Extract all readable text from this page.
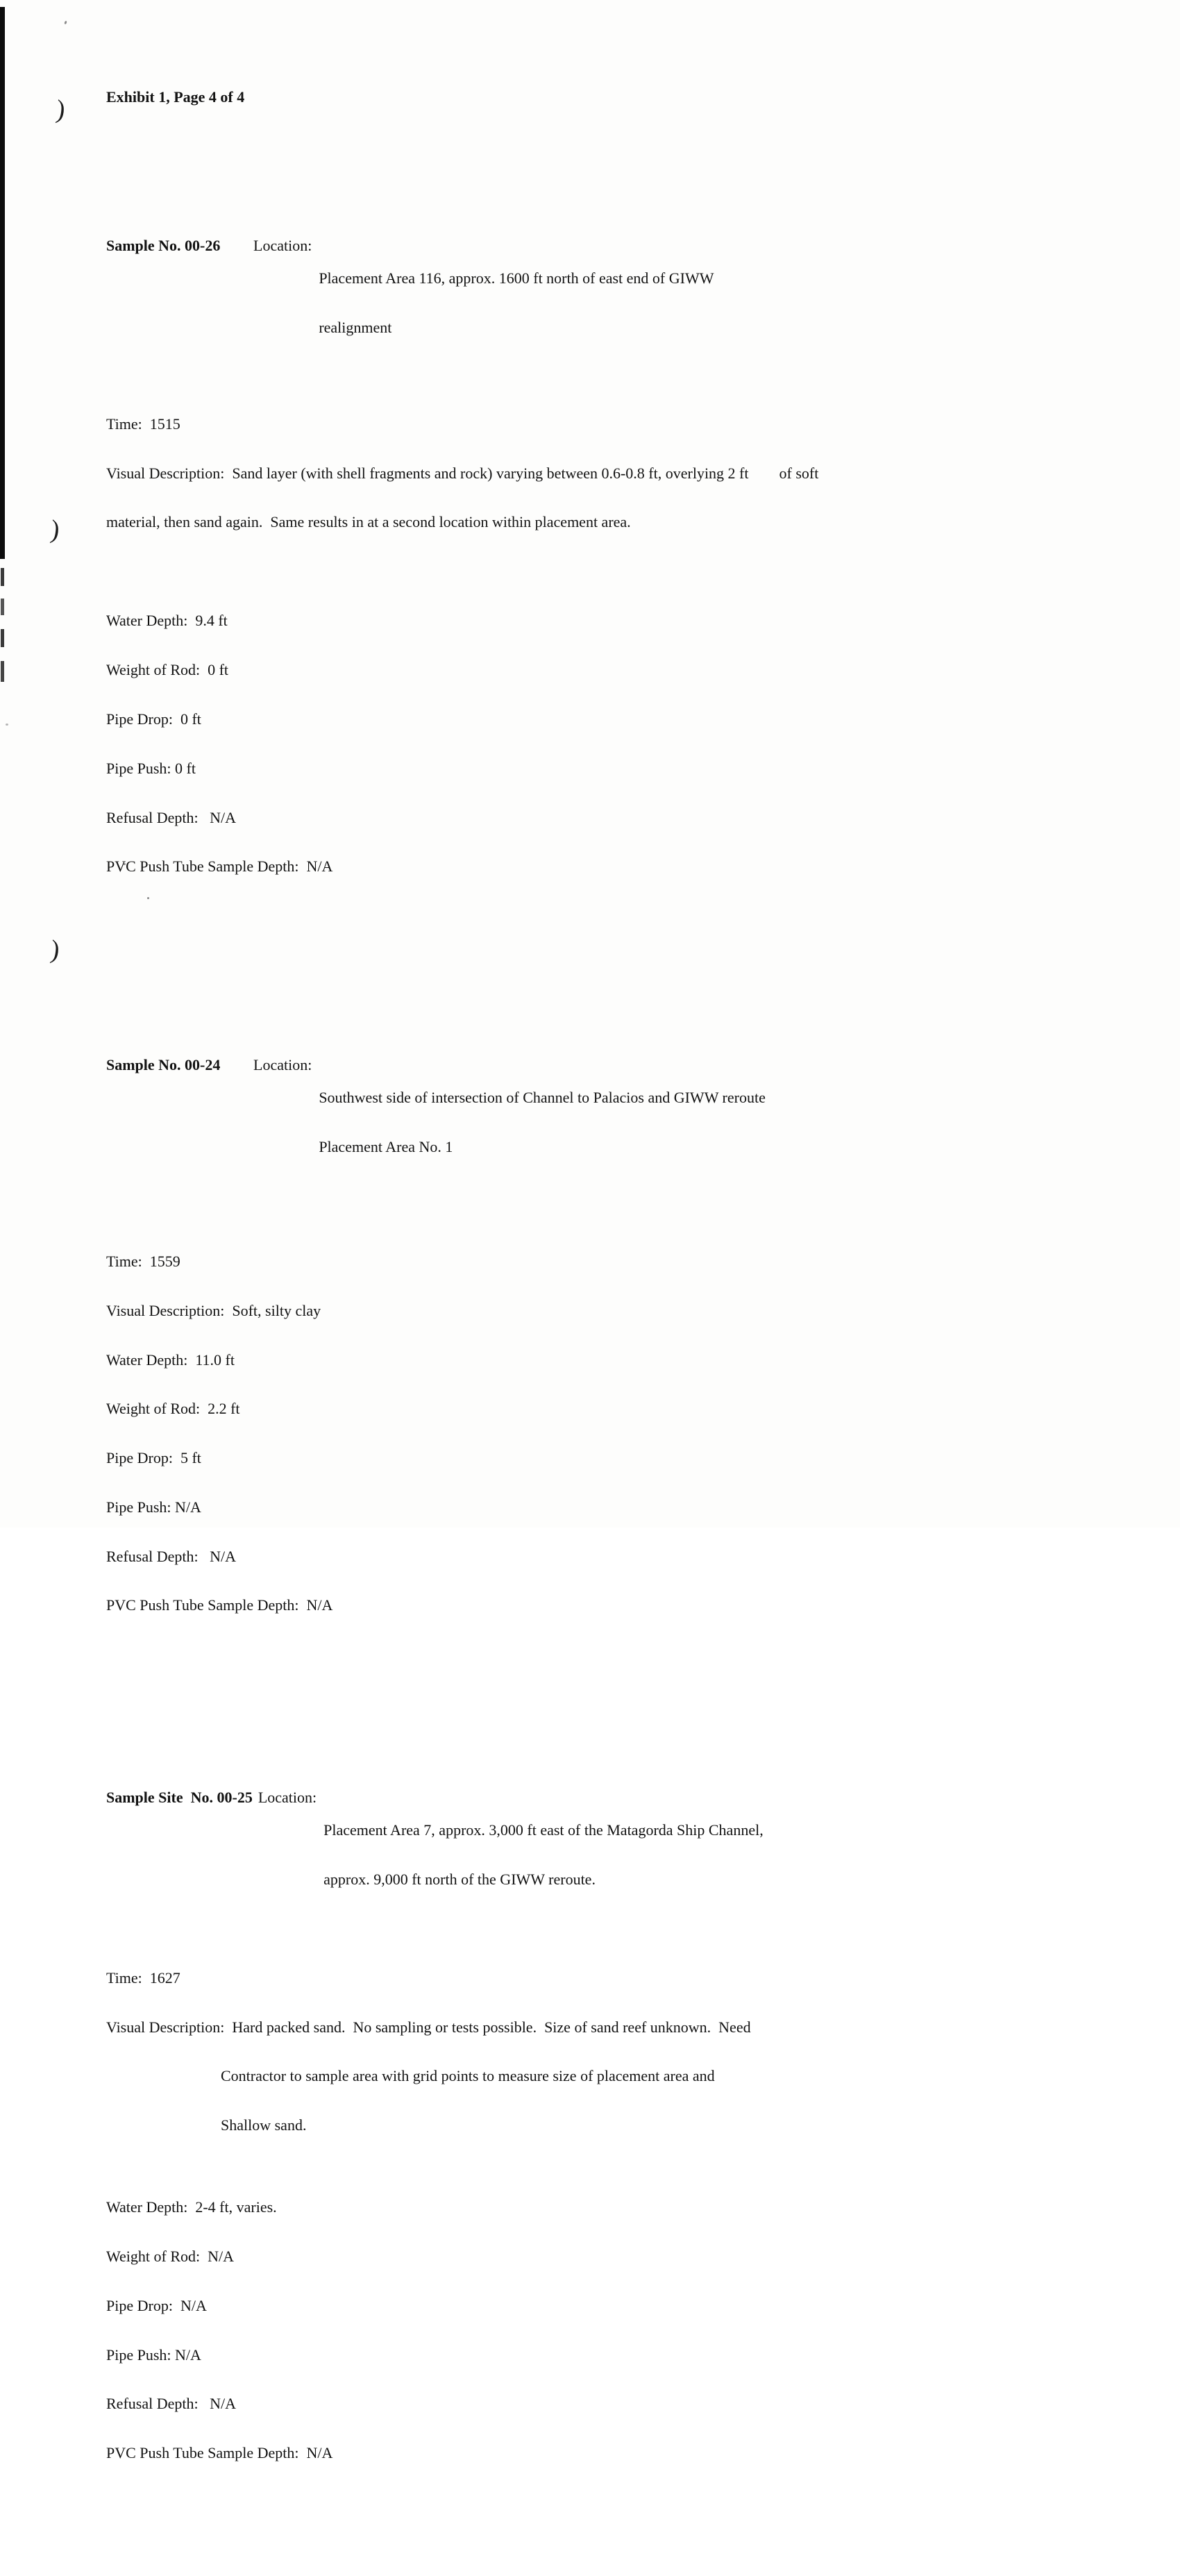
)
)
)

Exhibit 1, Page 4 of 4

Sample No. 00-26	Location:

Placement Area 116, approx. 1600 ft north of east end of GIWW

realignment

Time:  1515

Visual Description:  Sand layer (with shell fragments and rock) varying between 0.6-0.8 ft, overlying 2 ft        of soft

material, then sand again.  Same results in at a second location within placement area.

Water Depth:  9.4 ft

Weight of Rod:  0 ft

Pipe Drop:  0 ft

Pipe Push: 0 ft

Refusal Depth:   N/A

PVC Push Tube Sample Depth:  N/A

Sample No. 00-24	Location:

Southwest side of intersection of Channel to Palacios and GIWW reroute

Placement Area No. 1

Time:  1559

Visual Description:  Soft, silty clay

Water Depth:  11.0 ft

Weight of Rod:  2.2 ft

Pipe Drop:  5 ft

Pipe Push: N/A

Refusal Depth:   N/A

PVC Push Tube Sample Depth:  N/A

Sample Site  No. 00-25 Location:

Placement Area 7, approx. 3,000 ft east of the Matagorda Ship Channel,

approx. 9,000 ft north of the GIWW reroute.

Time:  1627

Visual Description:  Hard packed sand.  No sampling or tests possible.  Size of sand reef unknown.  Need

Contractor to sample area with grid points to measure size of placement area and

Shallow sand.

Water Depth:  2-4 ft, varies.

Weight of Rod:  N/A

Pipe Drop:  N/A

Pipe Push: N/A

Refusal Depth:   N/A

PVC Push Tube Sample Depth:  N/A
